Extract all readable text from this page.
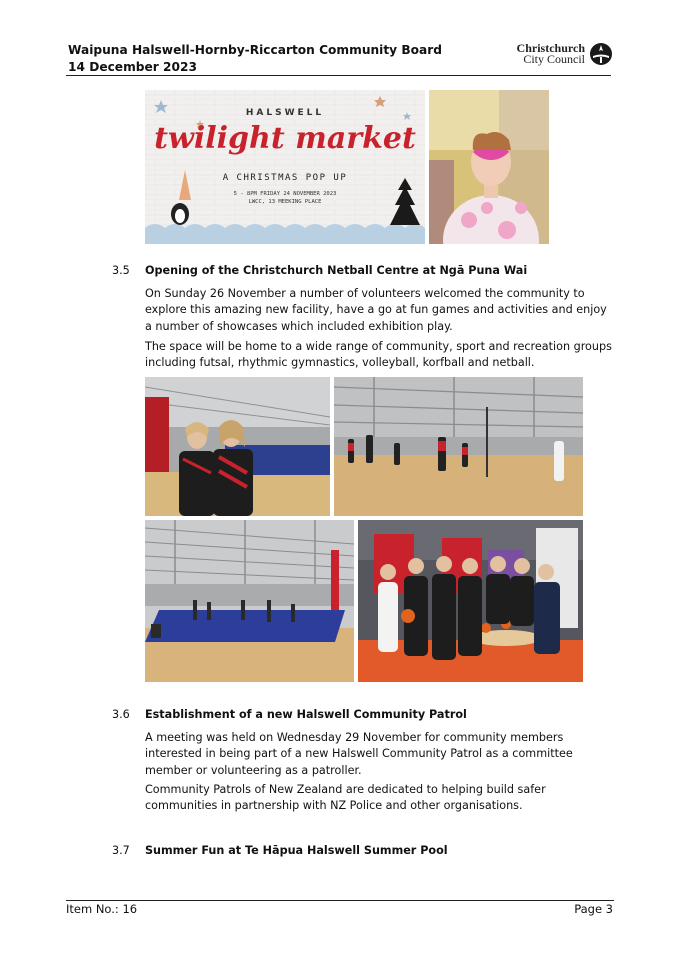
Waipuna Halswell-Hornby-Riccarton Community Board
14 December 2023
Christchurch
City Council
HALSWELL
twilight market
A CHRISTMAS POP UP
5 - 8PM FRIDAY 24 NOVEMBER 2023
LWCC, 13 MEEKING PLACE
3.5 Opening of the Christchurch Netball Centre at Ngā Puna Wai
On Sunday 26 November a number of volunteers welcomed the community to explore this amazing new facility, have a go at fun games and activities and enjoy a number of showcases which included exhibition play.
The space will be home to a wide range of community, sport and recreation groups including futsal, rhythmic gymnastics, volleyball, korfball and netball.
3.6 Establishment of a new Halswell Community Patrol
A meeting was held on Wednesday 29 November for community members interested in being part of a new Halswell Community Patrol as a committee member or volunteering as a patroller.
Community Patrols of New Zealand are dedicated to helping build safer communities in partnership with NZ Police and other organisations.
3.7 Summer Fun at Te Hāpua Halswell Summer Pool
Item No.: 16	Page 3
